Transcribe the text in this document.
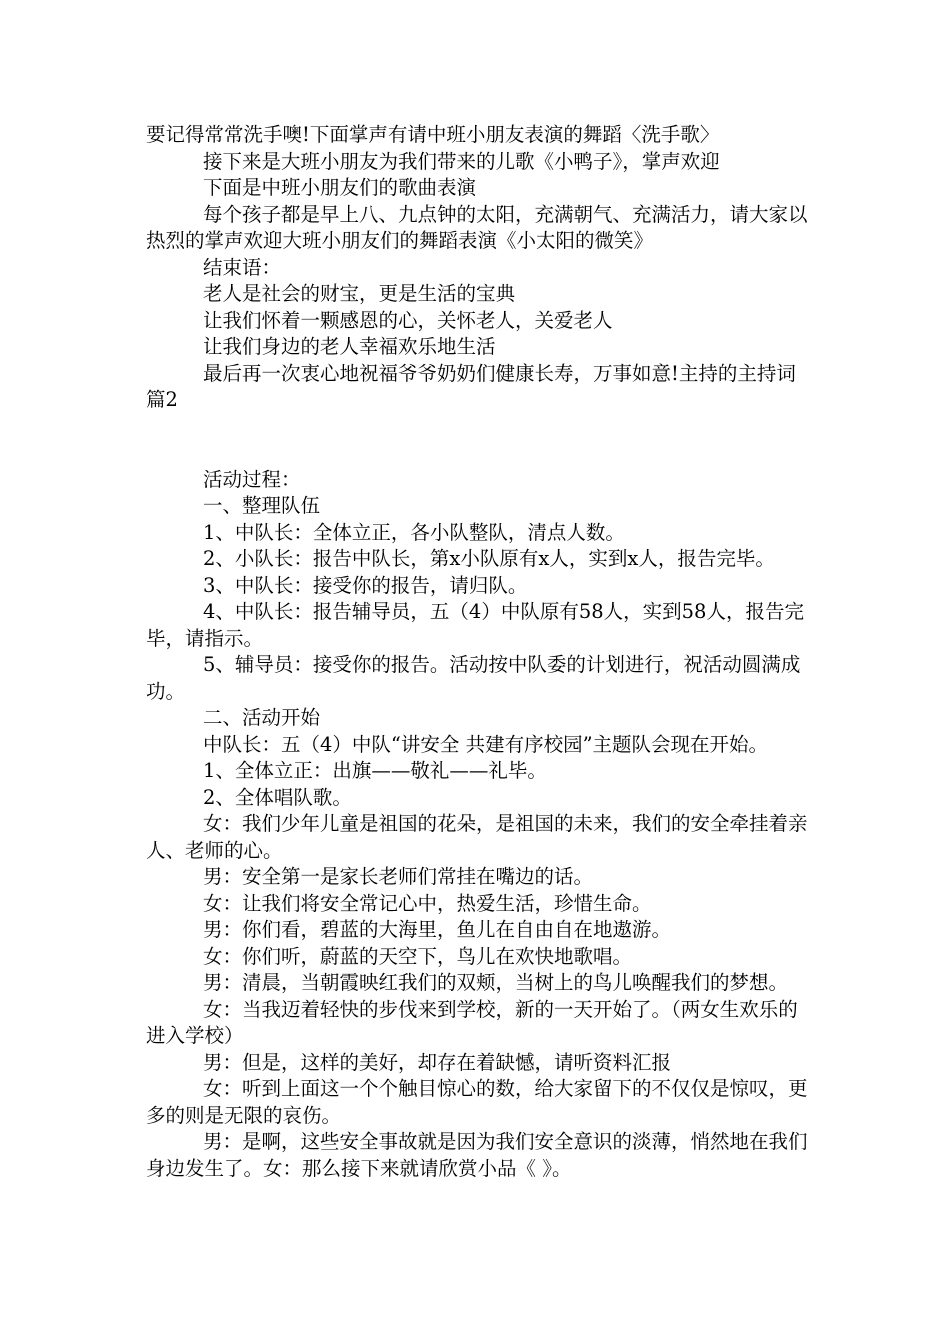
要记得常常洗手噢!下面掌声有请中班小朋友表演的舞蹈〈洗手歌〉

接下来是大班小朋友为我们带来的儿歌《小鸭子》，掌声欢迎

下面是中班小朋友们的歌曲表演

每个孩子都是早上八、九点钟的太阳，充满朝气、充满活力，请大家以热烈的掌声欢迎大班小朋友们的舞蹈表演《小太阳的微笑》

结束语：

老人是社会的财宝，更是生活的宝典

让我们怀着一颗感恩的心，关怀老人，关爱老人

让我们身边的老人幸福欢乐地生活

最后再一次衷心地祝福爷爷奶奶们健康长寿，万事如意!主持的主持词 篇2

活动过程：

一、整理队伍

1、中队长：全体立正，各小队整队，清点人数。

2、小队长：报告中队长，第x小队原有x人，实到x人，报告完毕。

3、中队长：接受你的报告，请归队。

4、中队长：报告辅导员，五（4）中队原有58人，实到58人，报告完毕，请指示。

5、辅导员：接受你的报告。活动按中队委的计划进行，祝活动圆满成功。

二、活动开始

中队长：五（4）中队“讲安全 共建有序校园”主题队会现在开始。

1、全体立正：出旗——敬礼——礼毕。

2、全体唱队歌。

女：我们少年儿童是祖国的花朵，是祖国的未来，我们的安全牵挂着亲人、老师的心。

男：安全第一是家长老师们常挂在嘴边的话。

女：让我们将安全常记心中，热爱生活，珍惜生命。

男：你们看，碧蓝的大海里，鱼儿在自由自在地遨游。

女：你们听，蔚蓝的天空下，鸟儿在欢快地歌唱。

男：清晨，当朝霞映红我们的双颊，当树上的鸟儿唤醒我们的梦想。

女：当我迈着轻快的步伐来到学校，新的一天开始了。（两女生欢乐的进入学校）

男：但是，这样的美好，却存在着缺憾，请听资料汇报

女：听到上面这一个个触目惊心的数，给大家留下的不仅仅是惊叹，更多的则是无限的哀伤。

男：是啊，这些安全事故就是因为我们安全意识的淡薄，悄然地在我们身边发生了。女：那么接下来就请欣赏小品《 》。
